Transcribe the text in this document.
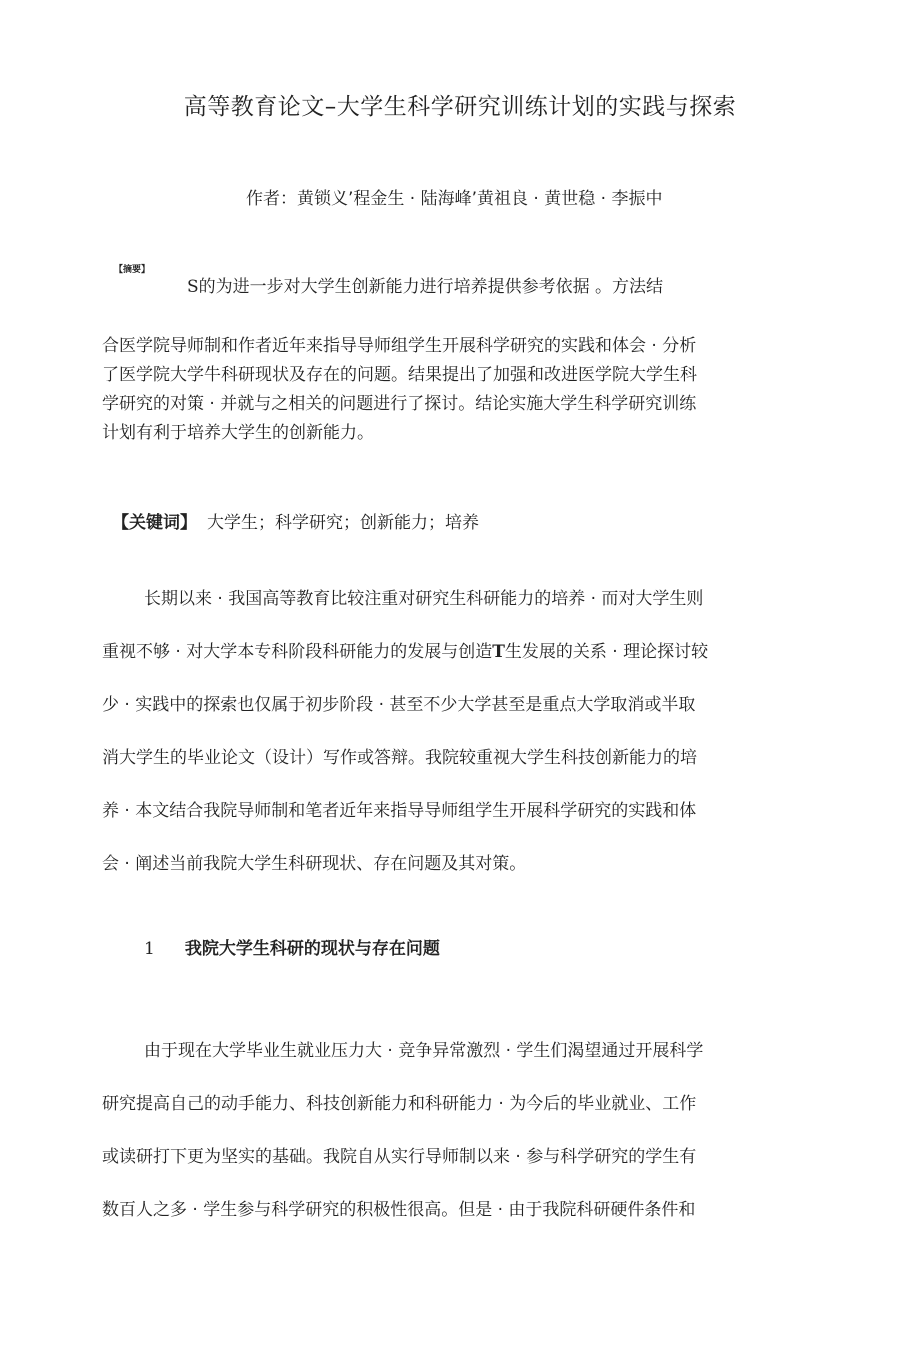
高等教育论文–大学生科学研究训练计划的实践与探索
作者：黄锁义’程金生 · 陆海峰’黄祖良 · 黄世稳 · 李振中
【摘要】
S的为进一步对大学生创新能力进行培养提供参考依据 。方法结
合医学院导师制和作者近年来指导导师组学生开展科学研究的实践和体会 · 分析
了医学院大学牛科研现状及存在的问题。结果提出了加强和改进医学院大学生科
学研究的对策 · 并就与之相关的问题进行了探讨。结论实施大学生科学研究训练
计划有利于培养大学生的创新能力。
【关键词】 大学生；科学研究；创新能力；培养
长期以来 · 我国高等教育比较注重对研究生科研能力的培养 · 而对大学生则
重视不够 · 对大学本专科阶段科研能力的发展与创造T生发展的关系 · 理论探讨较
少 · 实践中的探索也仅属于初步阶段 · 甚至不少大学甚至是重点大学取消或半取
消大学生的毕业论文（设计）写作或答辩。我院较重视大学生科技创新能力的培
养 · 本文结合我院导师制和笔者近年来指导导师组学生开展科学研究的实践和体
会 · 阐述当前我院大学生科研现状、存在问题及其对策。
1 我院大学生科研的现状与存在问题
由于现在大学毕业生就业压力大 · 竞争异常激烈 · 学生们渴望通过开展科学
研究提高自己的动手能力、科技创新能力和科研能力 · 为今后的毕业就业、工作
或读研打下更为坚实的基础。我院自从实行导师制以来 · 参与科学研究的学生有
数百人之多 · 学生参与科学研究的积极性很高。但是 · 由于我院科研硬件条件和
